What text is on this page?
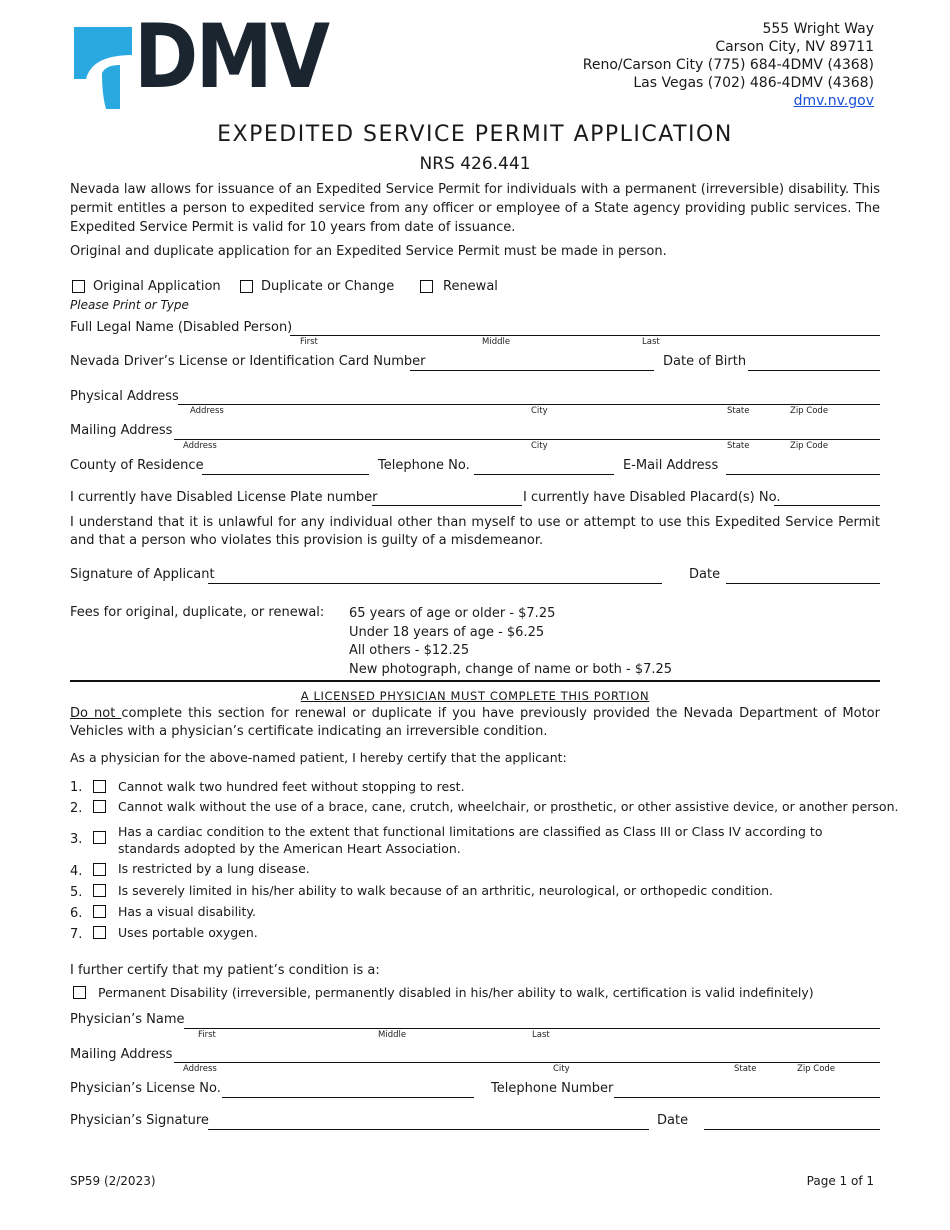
DMV	555 Wright Way
Carson City, NV 89711
Reno/Carson City (775) 684-4DMV (4368)
Las Vegas (702) 486-4DMV (4368)
dmv.nv.gov
EXPEDITED SERVICE PERMIT APPLICATION
NRS 426.441
Nevada law allows for issuance of an Expedited Service Permit for individuals with a permanent (irreversible) disability. This permit entitles a person to expedited service from any officer or employee of a State agency providing public services. The Expedited Service Permit is valid for 10 years from date of issuance.
Original and duplicate application for an Expedited Service Permit must be made in person.
Original Application	Duplicate or Change	Renewal
Please Print or Type
Full Legal Name (Disabled Person)
First	Middle	Last
Nevada Driver’s License or Identification Card Number	Date of Birth
Physical Address
Address	City	State	Zip Code
Mailing Address
Address	City	State	Zip Code
County of Residence	Telephone No.	E-Mail Address
I currently have Disabled License Plate number	I currently have Disabled Placard(s) No.
I understand that it is unlawful for any individual other than myself to use or attempt to use this Expedited Service Permit and that a person who violates this provision is guilty of a misdemeanor.
Signature of Applicant	Date
Fees for original, duplicate, or renewal: 65 years of age or older - $7.25
Under 18 years of age - $6.25
All others - $12.25
New photograph, change of name or both - $7.25
A LICENSED PHYSICIAN MUST COMPLETE THIS PORTION
Do not complete this section for renewal or duplicate if you have previously provided the Nevada Department of Motor Vehicles with a physician’s certificate indicating an irreversible condition.
As a physician for the above-named patient, I hereby certify that the applicant:
1.	Cannot walk two hundred feet without stopping to rest.
2.	Cannot walk without the use of a brace, cane, crutch, wheelchair, or prosthetic, or other assistive device, or another person.
3.
Has a cardiac condition to the extent that functional limitations are classified as Class III or Class IV according to standards adopted by the American Heart Association.
4.	Is restricted by a lung disease.
5.	Is severely limited in his/her ability to walk because of an arthritic, neurological, or orthopedic condition.
6.	Has a visual disability.
7.	Uses portable oxygen.
I further certify that my patient’s condition is a:
Permanent Disability (irreversible, permanently disabled in his/her ability to walk, certification is valid indefinitely)
Physician’s Name
First	Middle	Last
Mailing Address
Address	City	State	Zip Code
Physician’s License No.	Telephone Number
Physician’s Signature	Date
SP59 (2/2023)	Page 1 of 1
